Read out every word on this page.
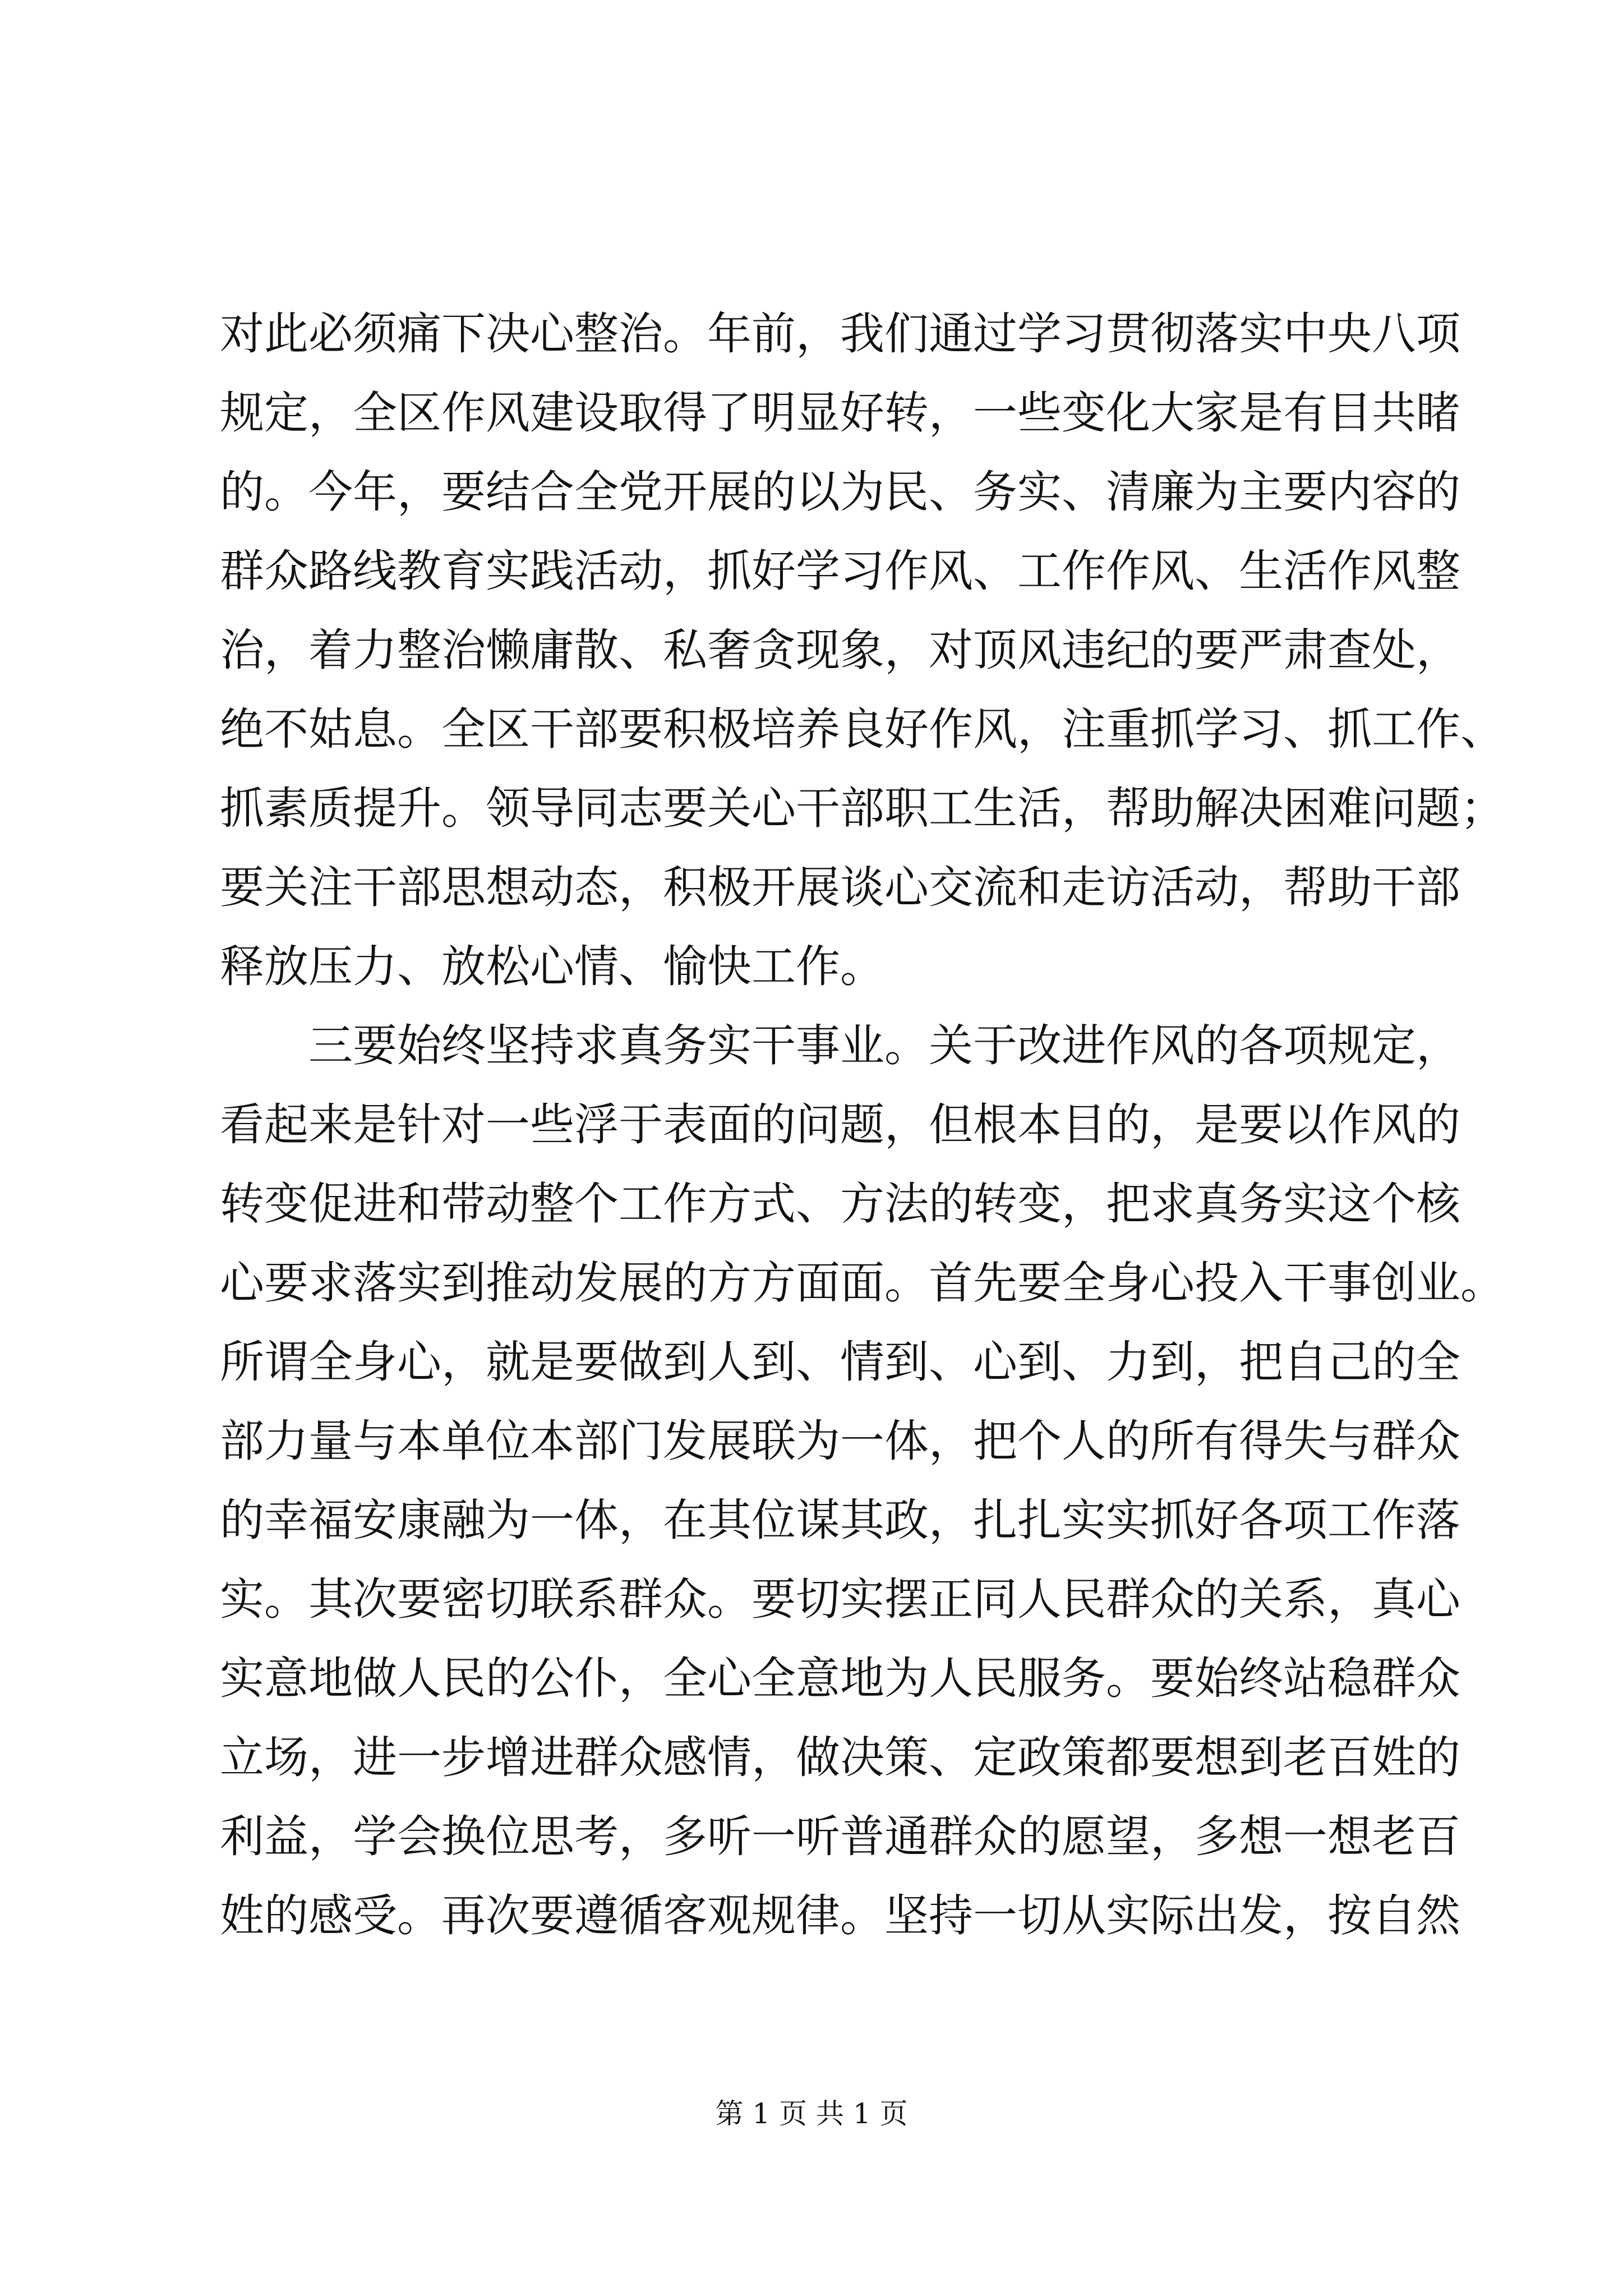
对此必须痛下决心整治。年前，我们通过学习贯彻落实中央八项
规定，全区作风建设取得了明显好转，一些变化大家是有目共睹
的。今年，要结合全党开展的以为民、务实、清廉为主要内容的
群众路线教育实践活动，抓好学习作风、工作作风、生活作风整
治，着力整治懒庸散、私奢贪现象，对顶风违纪的要严肃查处，
绝不姑息。全区干部要积极培养良好作风，注重抓学习、抓工作、
抓素质提升。领导同志要关心干部职工生活，帮助解决困难问题；
要关注干部思想动态，积极开展谈心交流和走访活动，帮助干部
释放压力、放松心情、愉快工作。
　　三要始终坚持求真务实干事业。关于改进作风的各项规定，
看起来是针对一些浮于表面的问题，但根本目的，是要以作风的
转变促进和带动整个工作方式、方法的转变，把求真务实这个核
心要求落实到推动发展的方方面面。首先要全身心投入干事创业。
所谓全身心，就是要做到人到、情到、心到、力到，把自己的全
部力量与本单位本部门发展联为一体，把个人的所有得失与群众
的幸福安康融为一体，在其位谋其政，扎扎实实抓好各项工作落
实。其次要密切联系群众。要切实摆正同人民群众的关系，真心
实意地做人民的公仆，全心全意地为人民服务。要始终站稳群众
立场，进一步增进群众感情，做决策、定政策都要想到老百姓的
利益，学会换位思考，多听一听普通群众的愿望，多想一想老百
姓的感受。再次要遵循客观规律。坚持一切从实际出发，按自然
第 1 页 共 1 页
